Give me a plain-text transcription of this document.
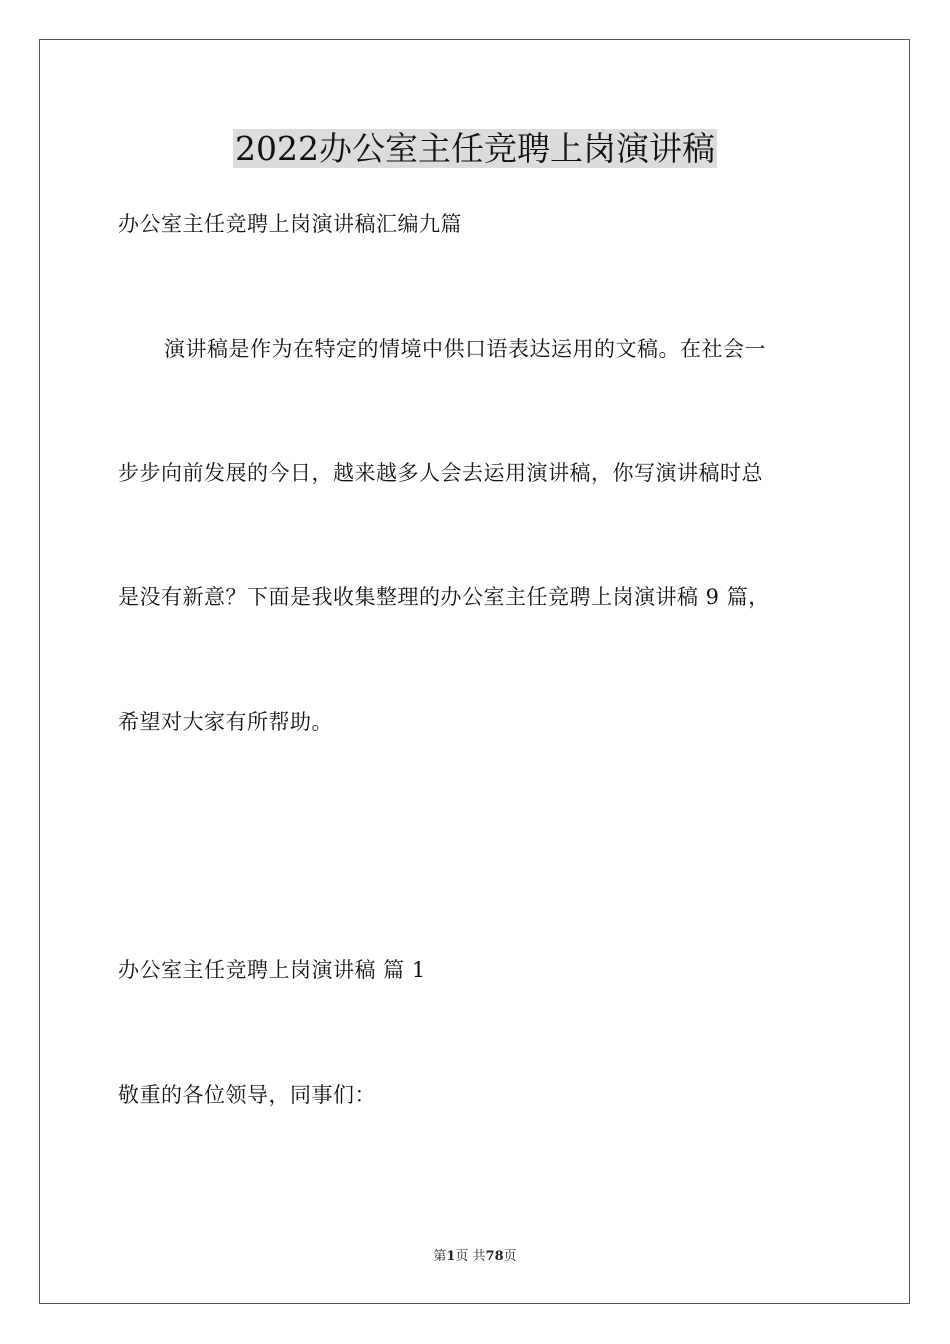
2022办公室主任竞聘上岗演讲稿
办公室主任竞聘上岗演讲稿汇编九篇
演讲稿是作为在特定的情境中供口语表达运用的文稿。在社会一
步步向前发展的今日，越来越多人会去运用演讲稿，你写演讲稿时总
是没有新意？下面是我收集整理的办公室主任竞聘上岗演讲稿 9 篇，
希望对大家有所帮助。
办公室主任竞聘上岗演讲稿 篇 1
敬重的各位领导，同事们：
第1页 共78页
